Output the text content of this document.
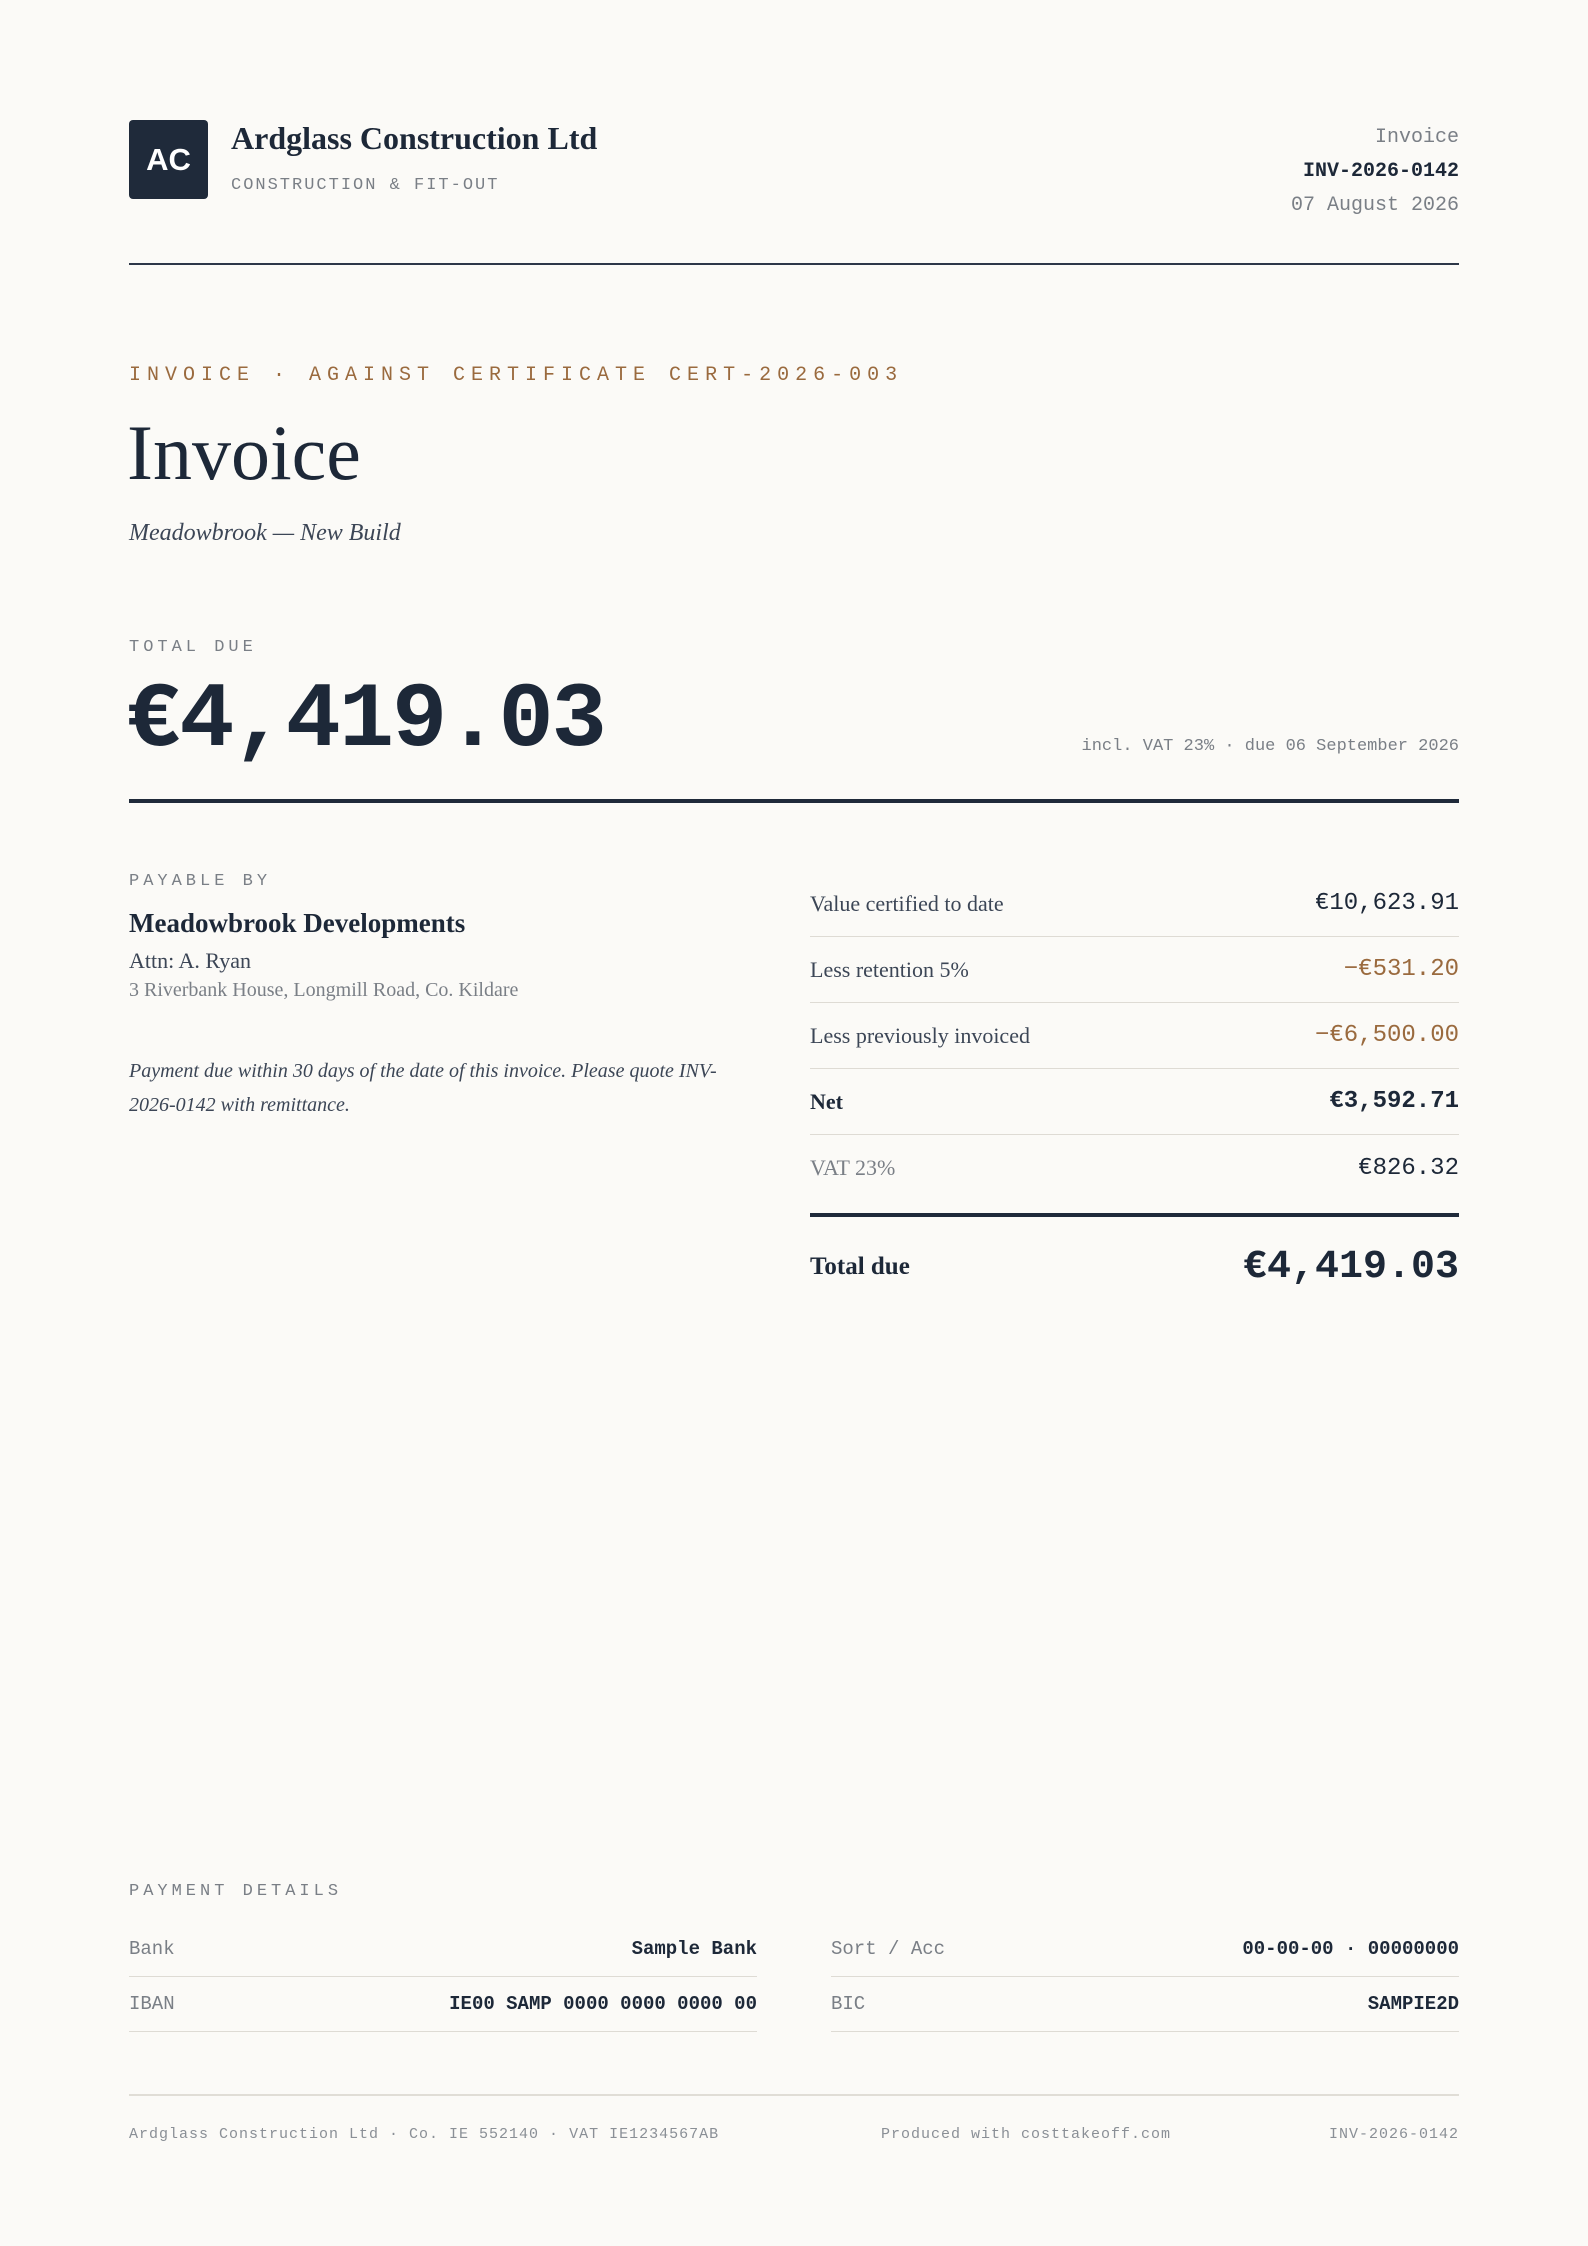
AC
Ardglass Construction Ltd
CONSTRUCTION & FIT-OUT
Invoice
INV-2026-0142
07 August 2026
INVOICE · AGAINST CERTIFICATE CERT-2026-003
Invoice
Meadowbrook — New Build
TOTAL DUE
€4,419.03	incl. VAT 23% · due 06 September 2026
PAYABLE BY
Meadowbrook Developments
Attn: A. Ryan
3 Riverbank House, Longmill Road, Co. Kildare
Payment due within 30 days of the date of this invoice. Please quote INV-2026-0142 with remittance.
Value certified to date	€10,623.91
Less retention 5%	−€531.20
Less previously invoiced	−€6,500.00
Net	€3,592.71
VAT 23%	€826.32
Total due	€4,419.03
PAYMENT DETAILS
Bank	Sample Bank
IBAN	IE00 SAMP 0000 0000 0000 00
Sort / Acc	00-00-00 · 00000000
BIC	SAMPIE2D
Ardglass Construction Ltd · Co. IE 552140 · VAT IE1234567AB	Produced with costtakeoff.com	INV-2026-0142
